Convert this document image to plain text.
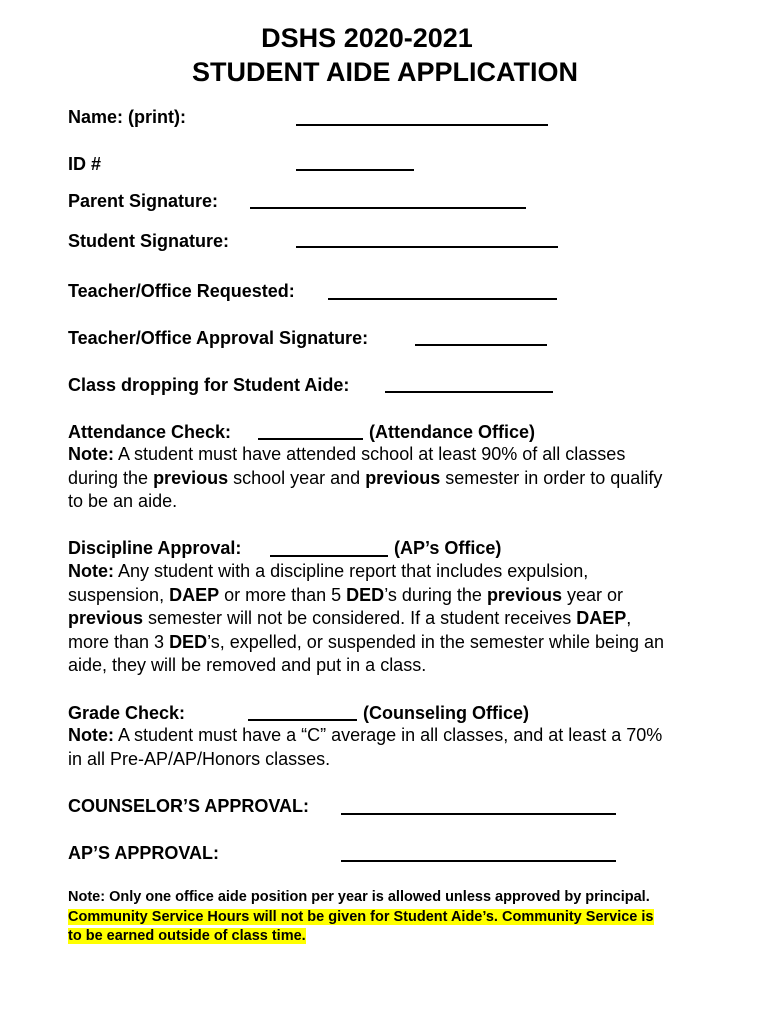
DSHS 2020-2021
STUDENT AIDE APPLICATION
Name: (print):
ID #
Parent Signature:
Student Signature:
Teacher/Office Requested:
Teacher/Office Approval Signature:
Class dropping for Student Aide:
Attendance Check:	(Attendance Office)
Note: A student must have attended school at least 90% of all classes during the previous school year and previous semester in order to qualify to be an aide.
Discipline Approval:	(AP’s Office)
Note: Any student with a discipline report that includes expulsion, suspension, DAEP or more than 5 DED’s during the previous year or previous semester will not be considered. If a student receives DAEP, more than 3 DED’s, expelled, or suspended in the semester while being an aide, they will be removed and put in a class.
Grade Check:	(Counseling Office)
Note: A student must have a “C” average in all classes, and at least a 70% in all Pre-AP/AP/Honors classes.
COUNSELOR’S APPROVAL:
AP’S APPROVAL:
Note: Only one office aide position per year is allowed unless approved by principal. Community Service Hours will not be given for Student Aide’s. Community Service is to be earned outside of class time.
